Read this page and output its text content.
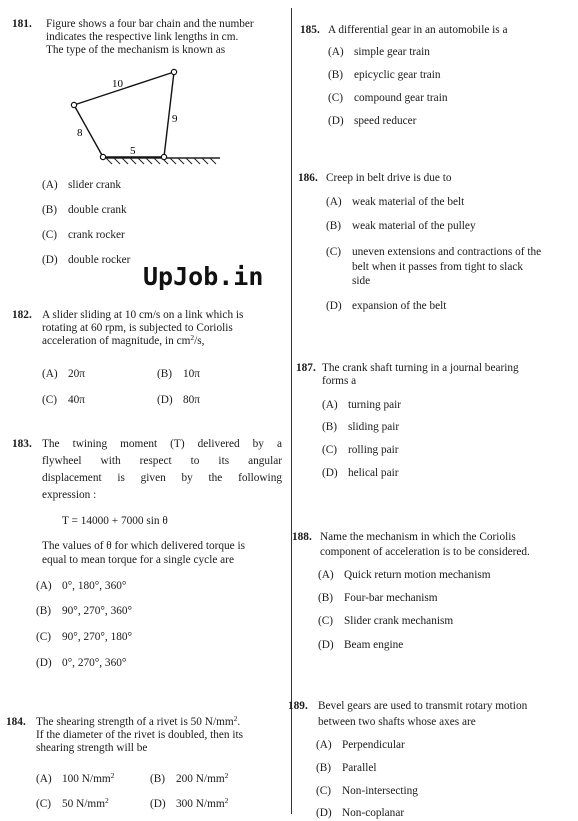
181. Figure shows a four bar chain and the number
indicates the respective link lengths in cm.
The type of the mechanism is known as
10
8
9
5
(A) slider crank
(B) double crank
(C) crank rocker
(D) double rocker
UpJob.in
182. A slider sliding at 10 cm/s on a link which is
rotating at 60 rpm, is subjected to Coriolis
acceleration of magnitude, in $cm^2/s$,
(A) 20π	(B) 10π
(C) 40π	(D) 80π
183. The twining moment (T) delivered by a
flywheel with respect to its angular
displacement is given by the following
expression :
T = 14000 + 7000 sin θ
The values of θ for which delivered torque is
equal to mean torque for a single cycle are
(A) 0°, 180°, 360°
(B) 90°, 270°, 360°
(C) 90°, 270°, 180°
(D) 0°, 270°, 360°
184. The shearing strength of a rivet is 50 $N/mm^2$.
If the diameter of the rivet is doubled, then its
shearing strength will be
(A) 100 $N/mm^2$	(B) 200 $N/mm^2$
(C) 50 $N/mm^2$	(D) 300 $N/mm^2$
185. A differential gear in an automobile is a
(A) simple gear train
(B) epicyclic gear train
(C) compound gear train
(D) speed reducer
186. Creep in belt drive is due to
(A) weak material of the belt
(B) weak material of the pulley
(C) uneven extensions and contractions of the
belt when it passes from tight to slack
side
(D) expansion of the belt
187. The crank shaft turning in a journal bearing
forms a
(A) turning pair
(B) sliding pair
(C) rolling pair
(D) helical pair
188. Name the mechanism in which the Coriolis
component of acceleration is to be considered.
(A) Quick return motion mechanism
(B) Four-bar mechanism
(C) Slider crank mechanism
(D) Beam engine
189. Bevel gears are used to transmit rotary motion
between two shafts whose axes are
(A) Perpendicular
(B) Parallel
(C) Non-intersecting
(D) Non-coplanar
